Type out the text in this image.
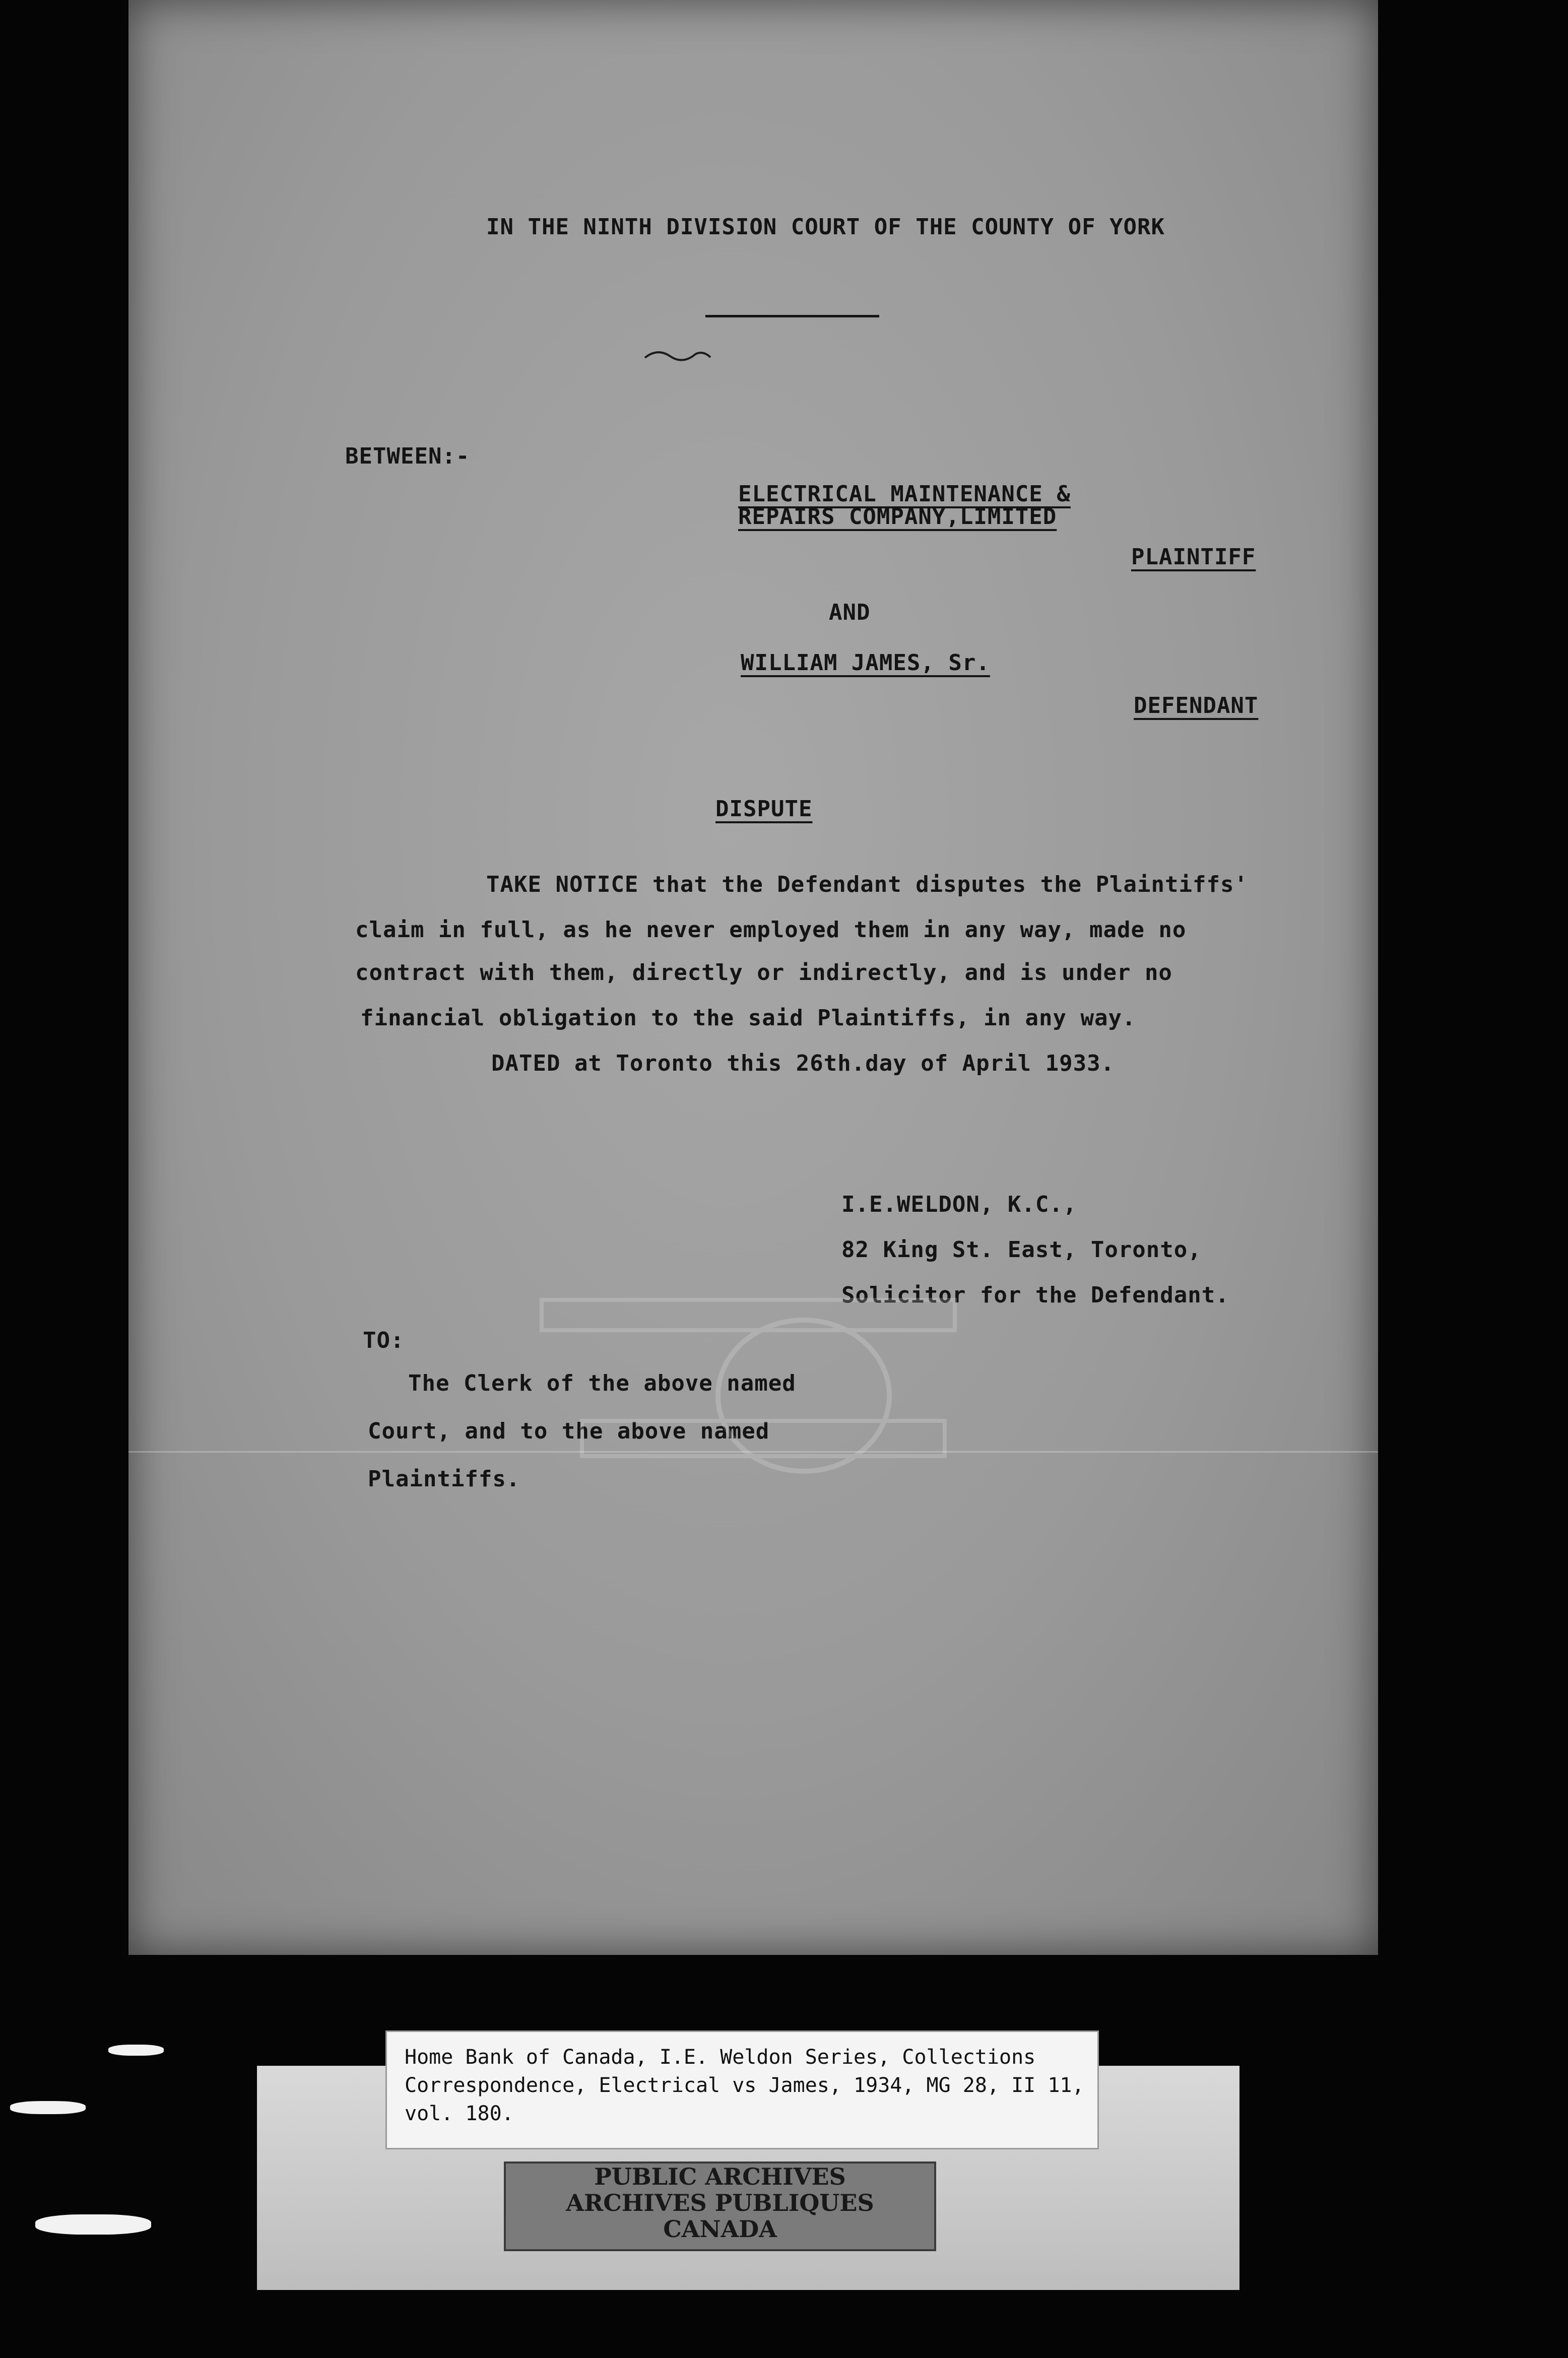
IN THE NINTH DIVISION COURT OF THE COUNTY OF YORK

BETWEEN:-

ELECTRICAL MAINTENANCE &

REPAIRS COMPANY,LIMITED

PLAINTIFF

AND

WILLIAM JAMES, Sr.

DEFENDANT

DISPUTE

TAKE NOTICE that the Defendant disputes the Plaintiffs'

claim in full, as he never employed them in any way, made no

contract with them, directly or indirectly, and is under no

financial obligation to the said Plaintiffs, in any way.

DATED at Toronto this 26th.day of April 1933.

I.E.WELDON, K.C.,

82 King St. East, Toronto,

Solicitor for the Defendant.

TO:

The Clerk of the above named

Court, and to the above named

Plaintiffs.

Home Bank of Canada, I.E. Weldon Series, Collections
Correspondence, Electrical vs James, 1934, MG 28, II 11,
vol. 180.

PUBLIC ARCHIVES
ARCHIVES PUBLIQUES
CANADA
